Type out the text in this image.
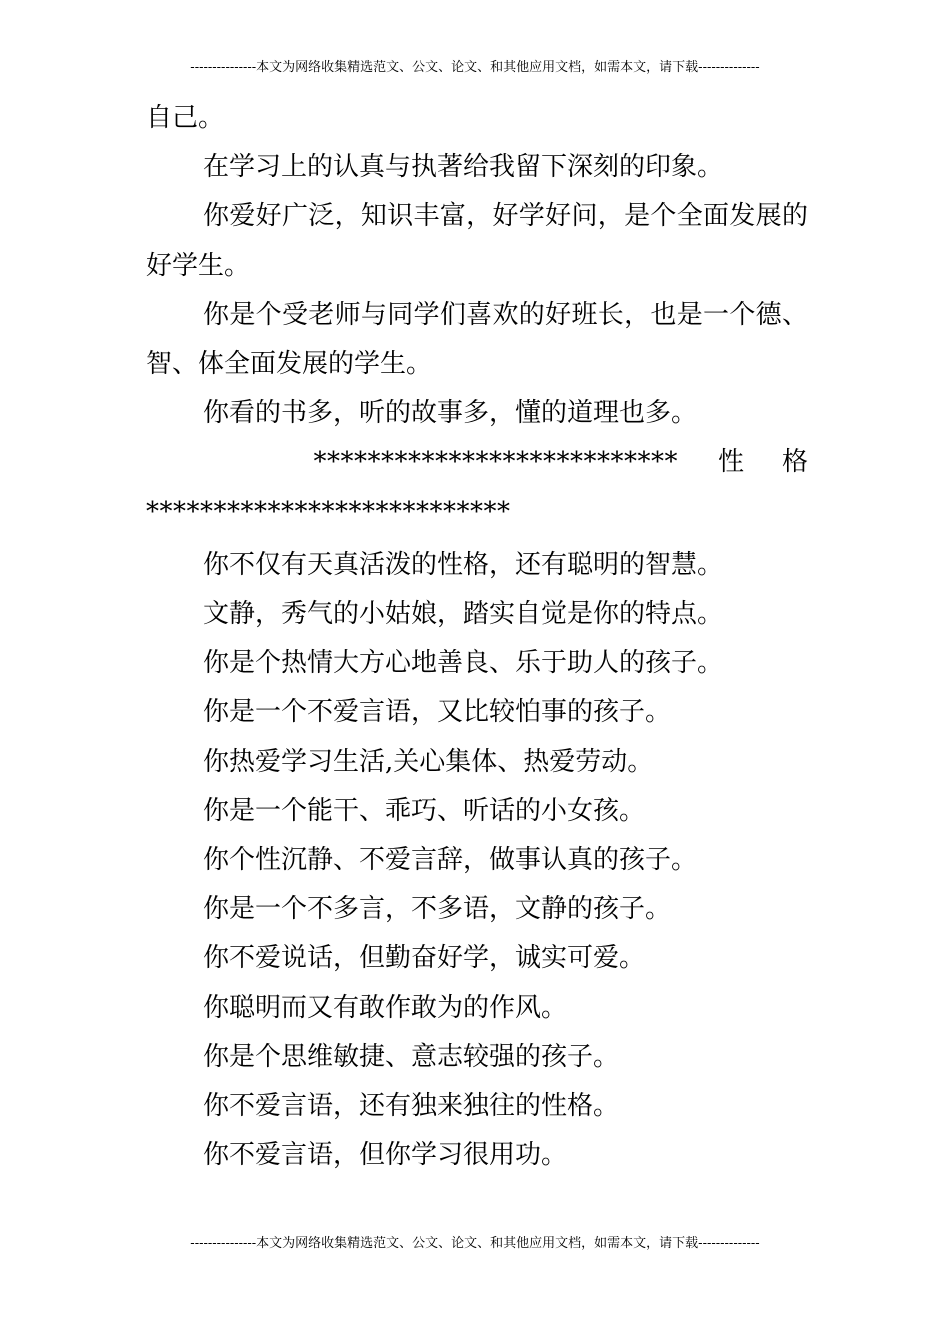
---------------本文为网络收集精选范文、公文、论文、和其他应用文档，如需本文，请下载--------------

自己。

在学习上的认真与执著给我留下深刻的印象。

你爱好广泛，知识丰富，好学好问，是个全面发展的好学生。

你是个受老师与同学们喜欢的好班长，也是一个德、智、体全面发展的学生。

你看的书多，听的故事多，懂的道理也多。

*************************** 性格
***************************

你不仅有天真活泼的性格，还有聪明的智慧。

文静，秀气的小姑娘，踏实自觉是你的特点。

你是个热情大方心地善良、乐于助人的孩子。

你是一个不爱言语，又比较怕事的孩子。

你热爱学习生活,关心集体、热爱劳动。

你是一个能干、乖巧、听话的小女孩。

你个性沉静、不爱言辞，做事认真的孩子。

你是一个不多言，不多语，文静的孩子。

你不爱说话，但勤奋好学，诚实可爱。

你聪明而又有敢作敢为的作风。

你是个思维敏捷、意志较强的孩子。

你不爱言语，还有独来独往的性格。

你不爱言语，但你学习很用功。

---------------本文为网络收集精选范文、公文、论文、和其他应用文档，如需本文，请下载--------------
